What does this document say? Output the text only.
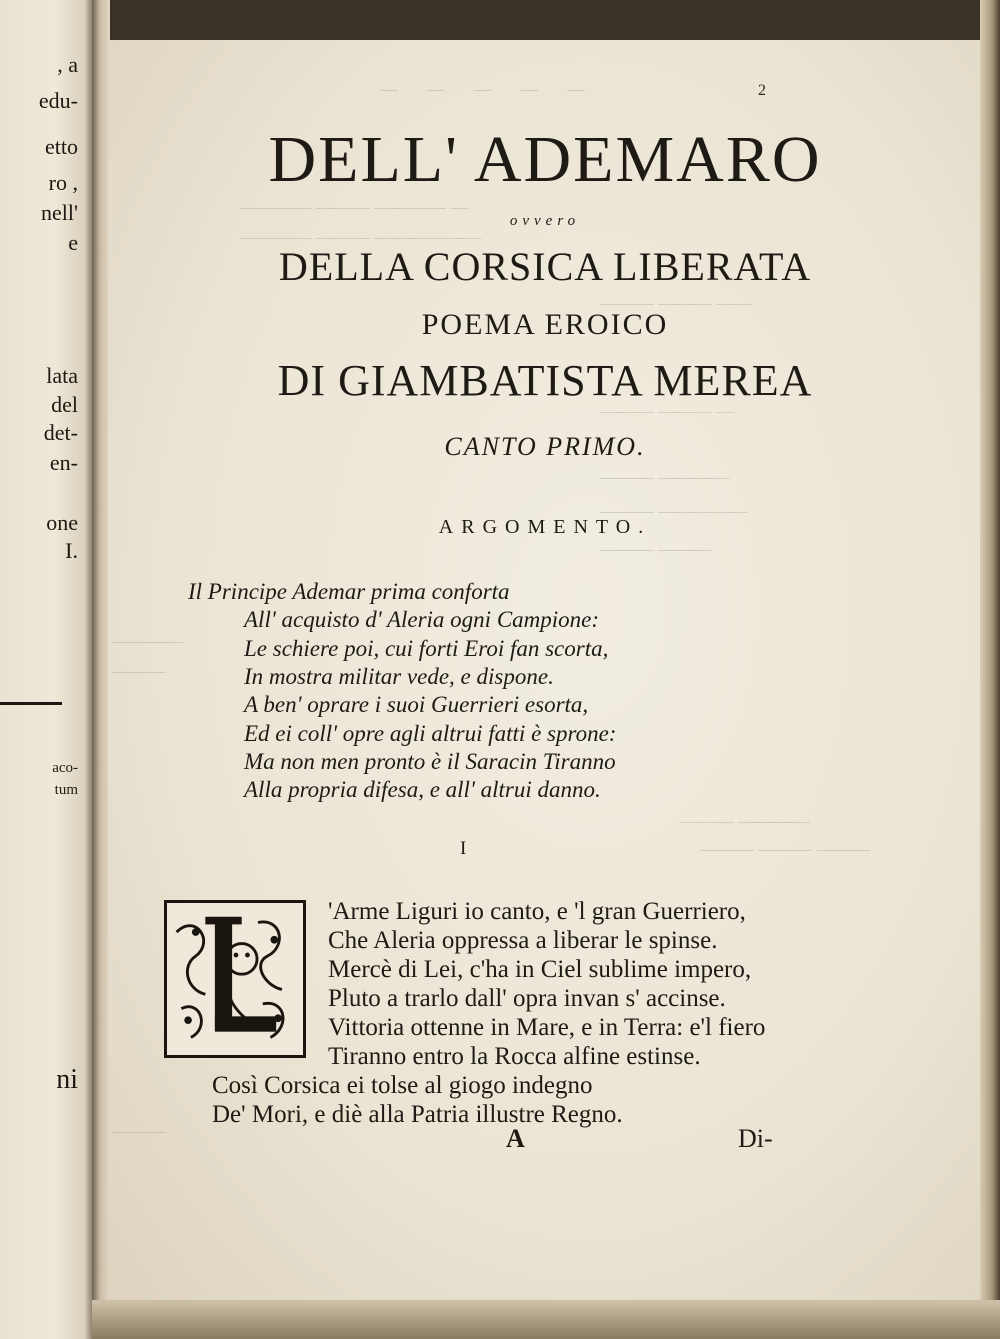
, a
edu-
etto
ro ,
nell'
e
lata
del
det-
en-
one
I.
aco-
tum
ni
— — — — —
———— ——— ———— —
———— ——— ——————
——— ——— ——
——— ——— —
——— ————
——— —————
——— ———
————
———
——— ————
——— ——— ———
———
2
DELL' ADEMARO
ovvero
DELLA CORSICA LIBERATA
POEMA EROICO
DI GIAMBATISTA MEREA
CANTO PRIMO.
ARGOMENTO.
Il Principe Ademar prima conforta
All' acquisto d' Aleria ogni Campione:
Le schiere poi, cui forti Eroi fan scorta,
In mostra militar vede, e dispone.
A ben' oprare i suoi Guerrieri esorta,
Ed ei coll' opre agli altrui fatti è sprone:
Ma non men pronto è il Saracin Tiranno
Alla propria difesa, e all' altrui danno.
I
'Arme Liguri io canto, e 'l gran Guerriero,
Che Aleria oppressa a liberar le spinse.
Mercè di Lei, c'ha in Ciel sublime impero,
Pluto a trarlo dall' opra invan s' accinse.
Vittoria ottenne in Mare, e in Terra: e'l fiero
Tiranno entro la Rocca alfine estinse.
Così Corsica ei tolse al giogo indegno
De' Mori, e diè alla Patria illustre Regno.
A	Di-
